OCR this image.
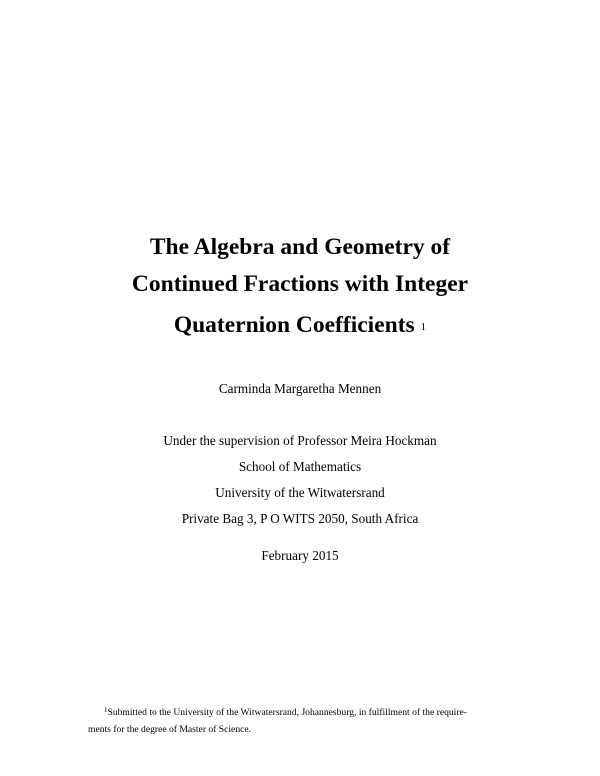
The Algebra and Geometry of
Continued Fractions with Integer
Quaternion Coefficients $^1$
Carminda Margaretha Mennen
Under the supervision of Professor Meira Hockman
School of Mathematics
University of the Witwatersrand
Private Bag 3, P O WITS 2050, South Africa
February 2015
$^1$Submitted to the University of the Witwatersrand, Johannesburg, in fulfillment of the require-
ments for the degree of Master of Science.
